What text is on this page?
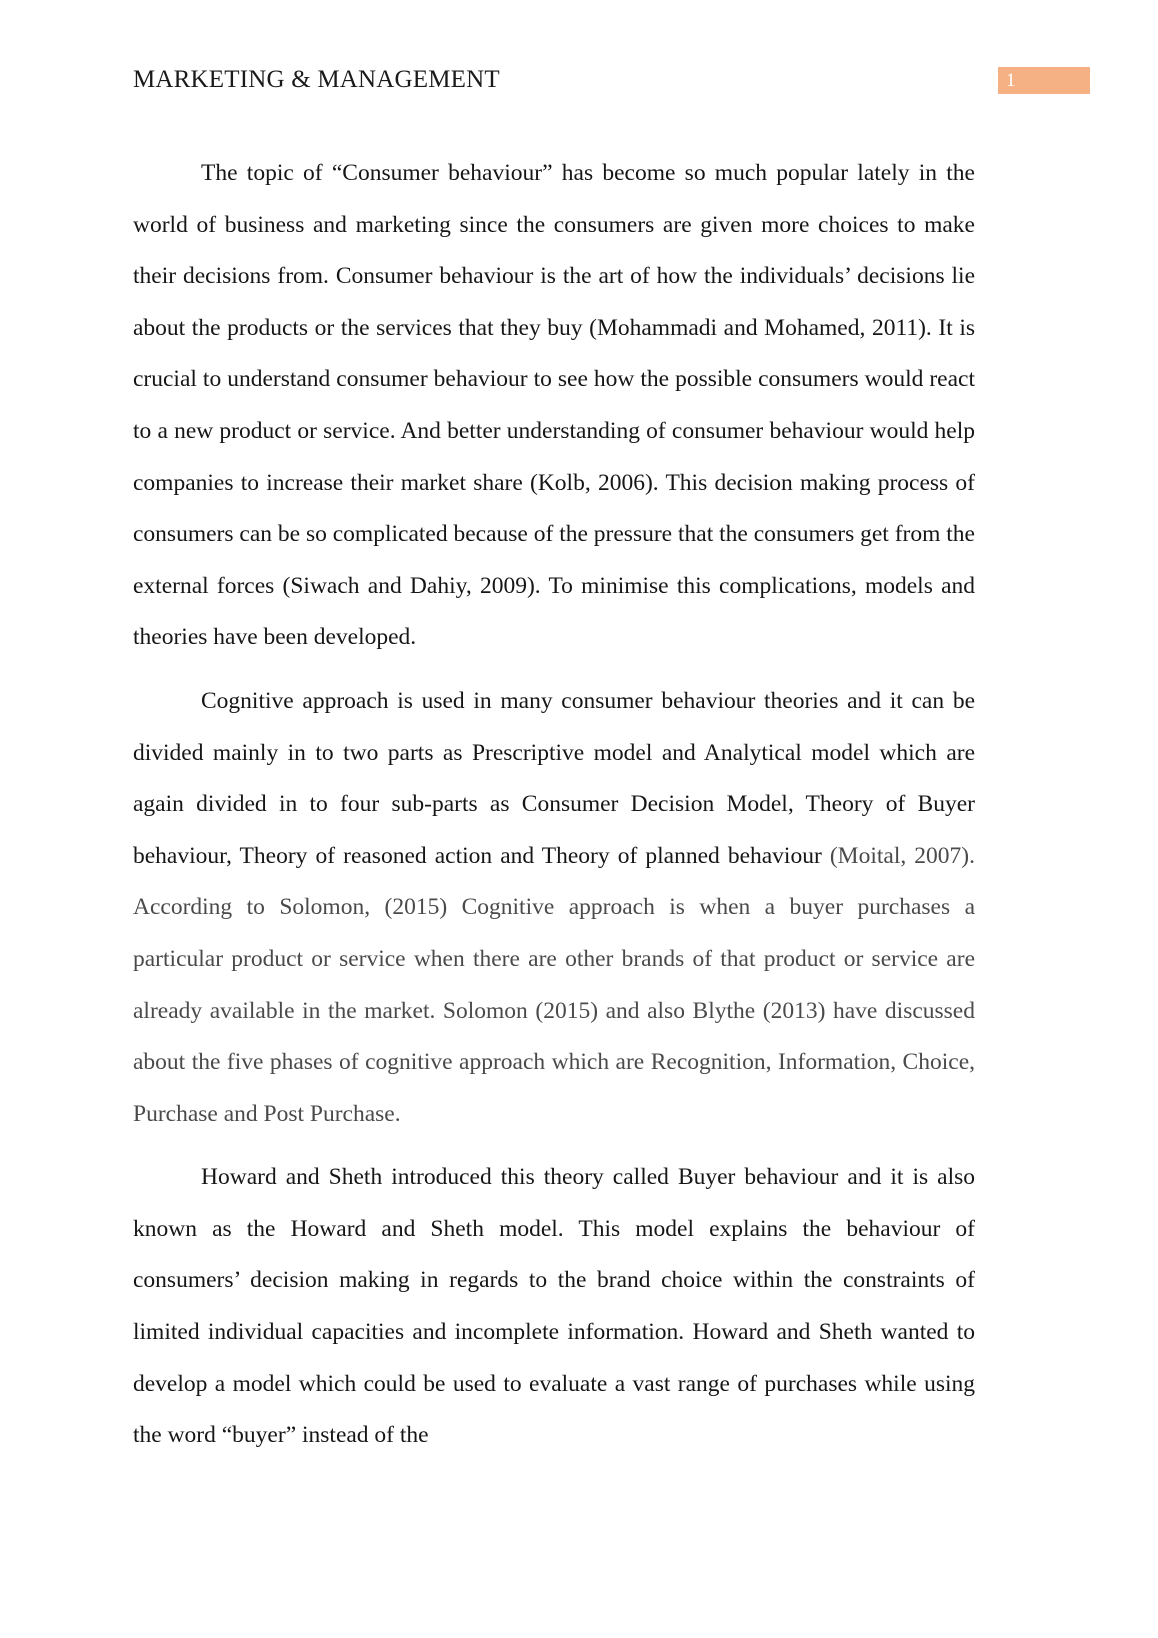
MARKETING & MANAGEMENT	1

The topic of “Consumer behaviour” has become so much popular lately in the world of business and marketing since the consumers are given more choices to make their decisions from. Consumer behaviour is the art of how the individuals’ decisions lie about the products or the services that they buy (Mohammadi and Mohamed, 2011). It is crucial to understand consumer behaviour to see how the possible consumers would react to a new product or service. And better understanding of consumer behaviour would help companies to increase their market share (Kolb, 2006). This decision making process of consumers can be so complicated because of the pressure that the consumers get from the external forces (Siwach and Dahiy, 2009). To minimise this complications, models and theories have been developed.

Cognitive approach is used in many consumer behaviour theories and it can be divided mainly in to two parts as Prescriptive model and Analytical model which are again divided in to four sub-parts as Consumer Decision Model, Theory of Buyer behaviour, Theory of reasoned action and Theory of planned behaviour (Moital, 2007). According to Solomon, (2015) Cognitive approach is when a buyer purchases a particular product or service when there are other brands of that product or service are already available in the market. Solomon (2015) and also Blythe (2013) have discussed about the five phases of cognitive approach which are Recognition, Information, Choice, Purchase and Post Purchase.

Howard and Sheth introduced this theory called Buyer behaviour and it is also known as the Howard and Sheth model. This model explains the behaviour of consumers’ decision making in regards to the brand choice within the constraints of limited individual capacities and incomplete information. Howard and Sheth wanted to develop a model which could be used to evaluate a vast range of purchases while using the word “buyer” instead of the
